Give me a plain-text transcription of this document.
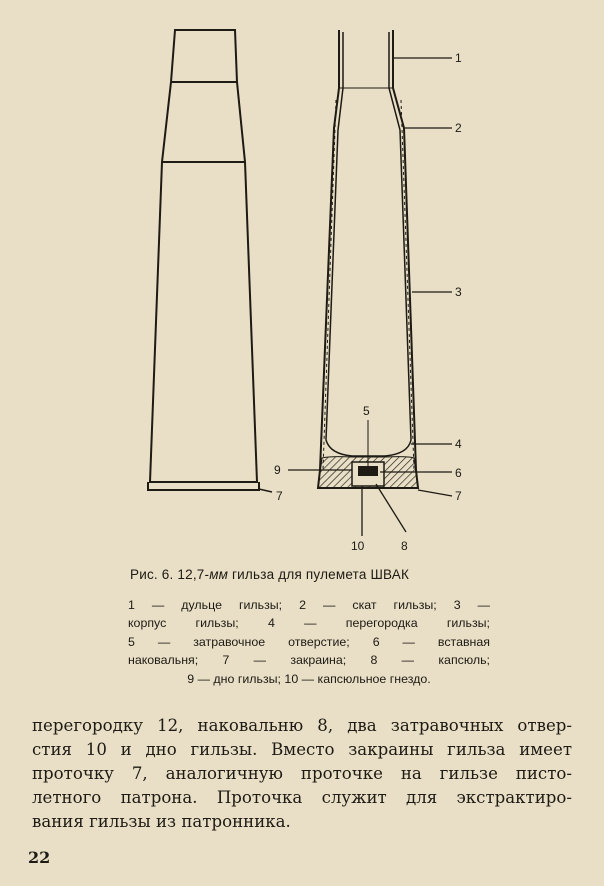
7
1
2
3
4
5
6
7
8
9
10
Рис. 6. 12,7-мм гильза для пулемета ШВАК
1 — дульце гильзы; 2 — скат гильзы; 3 —
корпус гильзы; 4 — перегородка гильзы;
5 — затравочное отверстие; 6 — вставная
наковальня; 7 — закраина; 8 — капсюль;
9 — дно гильзы; 10 — капсюльное гнездо.
перегородку 12, наковальню 8, два затравочных отвер-
стия 10 и дно гильзы. Вместо закраины гильза имеет
проточку 7, аналогичную проточке на гильзе писто-
летного патрона. Проточка служит для экстрактиро-
вания гильзы из патронника.
22
